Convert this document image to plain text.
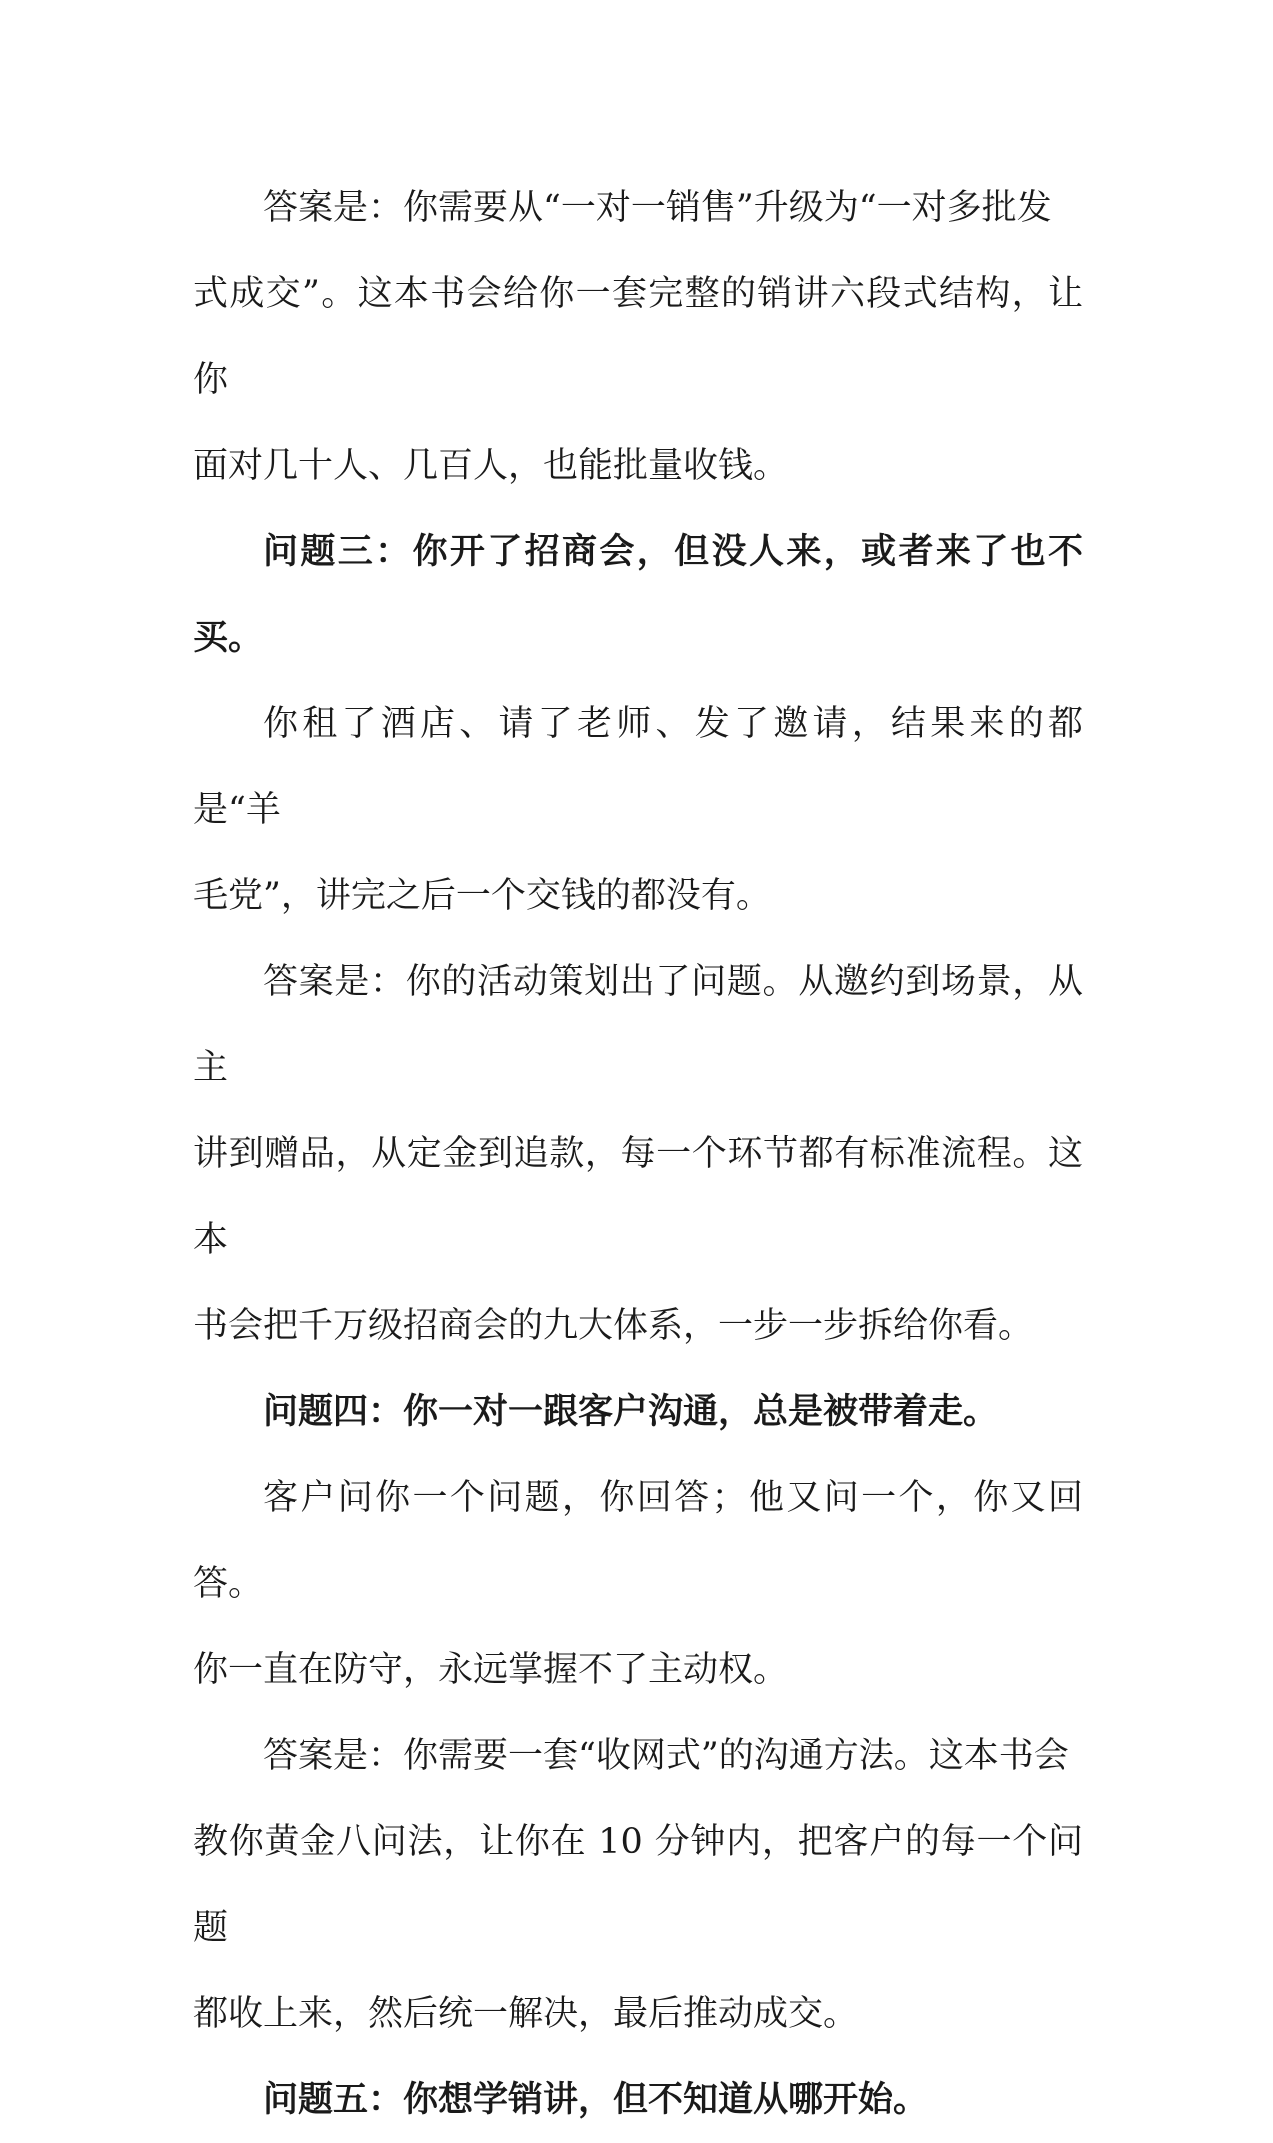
答案是：你需要从“一对一销售”升级为“一对多批发
式成交”。这本书会给你一套完整的销讲六段式结构，让你
面对几十人、几百人，也能批量收钱。

问题三：你开了招商会，但没人来，或者来了也不买。

你租了酒店、请了老师、发了邀请，结果来的都是“羊
毛党”，讲完之后一个交钱的都没有。

答案是：你的活动策划出了问题。从邀约到场景，从主
讲到赠品，从定金到追款，每一个环节都有标准流程。这本
书会把千万级招商会的九大体系，一步一步拆给你看。

问题四：你一对一跟客户沟通，总是被带着走。

客户问你一个问题，你回答；他又问一个，你又回答。
你一直在防守，永远掌握不了主动权。

答案是：你需要一套“收网式”的沟通方法。这本书会
教你黄金八问法，让你在 10 分钟内，把客户的每一个问题
都收上来，然后统一解决，最后推动成交。

问题五：你想学销讲，但不知道从哪开始。
